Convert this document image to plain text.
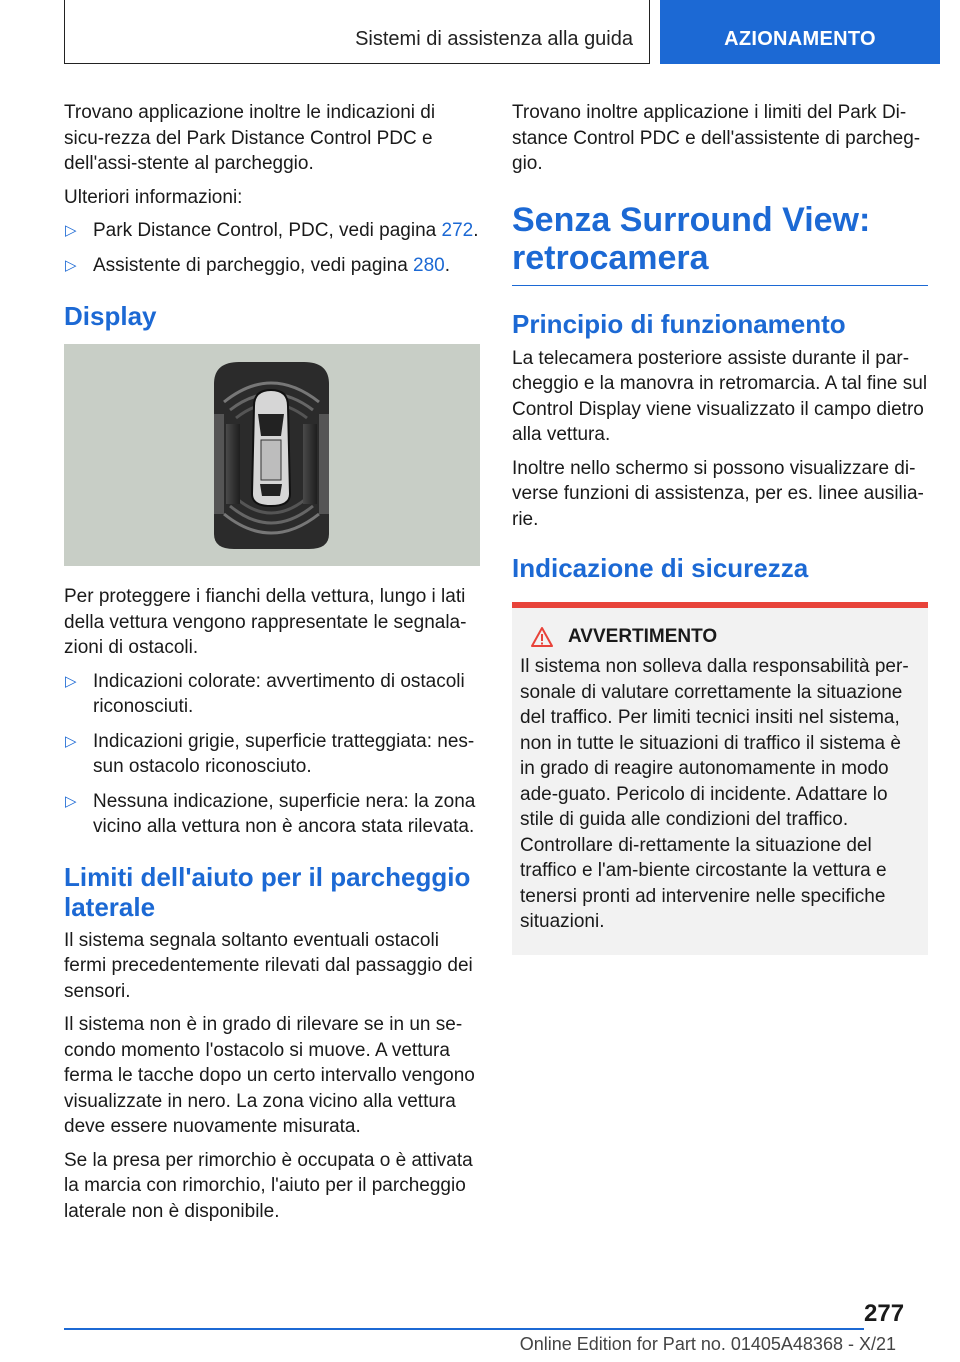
Sistemi di assistenza alla guida	AZIONAMENTO

Trovano applicazione inoltre le indicazioni di sicu-rezza del Park Distance Control PDC e dell'assi-stente al parcheggio.

Ulteriori informazioni:

▷ Park Distance Control, PDC, vedi pagina 272.
▷ Assistente di parcheggio, vedi pagina 280.
Display

Per proteggere i fianchi della vettura, lungo i lati della vettura vengono rappresentate le segnala-zioni di ostacoli.

▷ Indicazioni colorate: avvertimento di ostacoli riconosciuti.
▷ Indicazioni grigie, superficie tratteggiata: nes-sun ostacolo riconosciuto.
▷ Nessuna indicazione, superficie nera: la zona vicino alla vettura non è ancora stata rilevata.
Limiti dell'aiuto per il parcheggio laterale

Il sistema segnala soltanto eventuali ostacoli fermi precedentemente rilevati dal passaggio dei sensori.

Il sistema non è in grado di rilevare se in un se-condo momento l'ostacolo si muove. A vettura ferma le tacche dopo un certo intervallo vengono visualizzate in nero. La zona vicino alla vettura deve essere nuovamente misurata.

Se la presa per rimorchio è occupata o è attivata la marcia con rimorchio, l'aiuto per il parcheggio laterale non è disponibile.

Trovano inoltre applicazione i limiti del Park Di-stance Control PDC e dell'assistente di parcheg-gio.

Senza Surround View: retrocamera
Principio di funzionamento

La telecamera posteriore assiste durante il par-cheggio e la manovra in retromarcia. A tal fine sul Control Display viene visualizzato il campo dietro alla vettura.

Inoltre nello schermo si possono visualizzare di-verse funzioni di assistenza, per es. linee ausilia-rie.

Indicazione di sicurezza
AVVERTIMENTO

Il sistema non solleva dalla responsabilità per-sonale di valutare correttamente la situazione del traffico. Per limiti tecnici insiti nel sistema, non in tutte le situazioni di traffico il sistema è in grado di reagire autonomamente in modo ade-guato. Pericolo di incidente. Adattare lo stile di guida alle condizioni del traffico. Controllare di-rettamente la situazione del traffico e l'am-biente circostante la vettura e tenersi pronti ad intervenire nelle specifiche situazioni.

277
Online Edition for Part no. 01405A48368 - X/21
